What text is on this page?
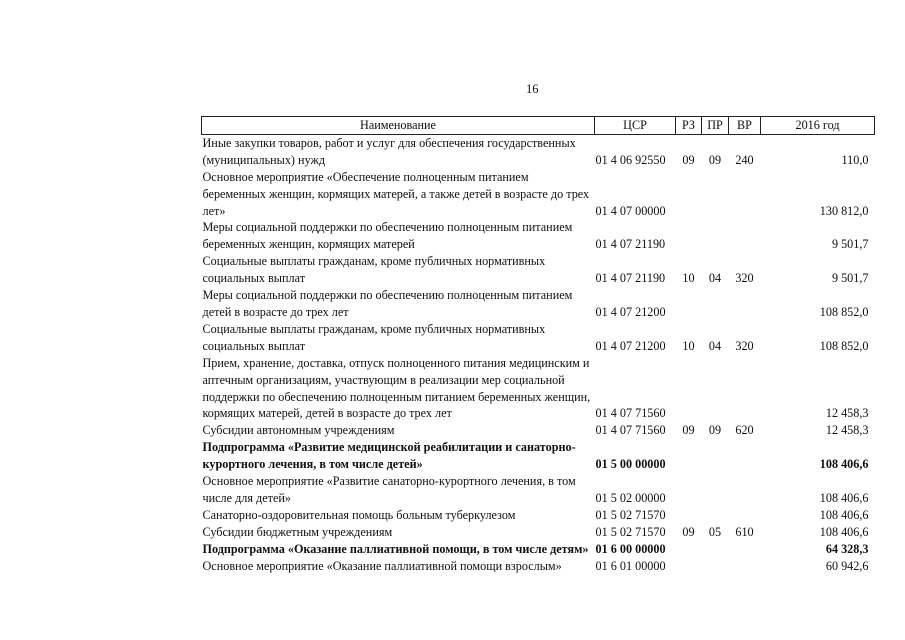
16
Наименование	ЦСР	РЗ	ПР	ВР	2016 год
Иные закупки товаров, работ и услуг для обеспечения государственных (муниципальных) нужд	01 4 06 92550	09	09	240	110,0
Основное мероприятие «Обеспечение полноценным питанием беременных женщин, кормящих матерей, а также детей в возрасте до трех лет»	01 4 07 00000				130 812,0
Меры социальной поддержки по обеспечению полноценным питанием беременных женщин, кормящих матерей	01 4 07 21190				9 501,7
Социальные выплаты гражданам, кроме публичных нормативных социальных выплат	01 4 07 21190	10	04	320	9 501,7
Меры социальной поддержки по обеспечению полноценным питанием детей в возрасте до трех лет	01 4 07 21200				108 852,0
Социальные выплаты гражданам, кроме публичных нормативных социальных выплат	01 4 07 21200	10	04	320	108 852,0
Прием, хранение, доставка, отпуск полноценного питания медицинским и аптечным организациям, участвующим в реализации мер социальной поддержки по обеспечению полноценным питанием беременных женщин, кормящих матерей, детей в возрасте до трех лет	01 4 07 71560				12 458,3
Субсидии автономным учреждениям	01 4 07 71560	09	09	620	12 458,3
Подпрограмма «Развитие медицинской реабилитации и санаторно-курортного лечения, в том числе детей»	01 5 00 00000				108 406,6
Основное мероприятие «Развитие санаторно-курортного лечения, в том числе для детей»	01 5 02 00000				108 406,6
Санаторно-оздоровительная помощь больным туберкулезом	01 5 02 71570				108 406,6
Субсидии бюджетным учреждениям	01 5 02 71570	09	05	610	108 406,6
Подпрограмма «Оказание паллиативной помощи, в том числе детям»	01 6 00 00000				64 328,3
Основное мероприятие «Оказание паллиативной помощи взрослым»	01 6 01 00000				60 942,6
